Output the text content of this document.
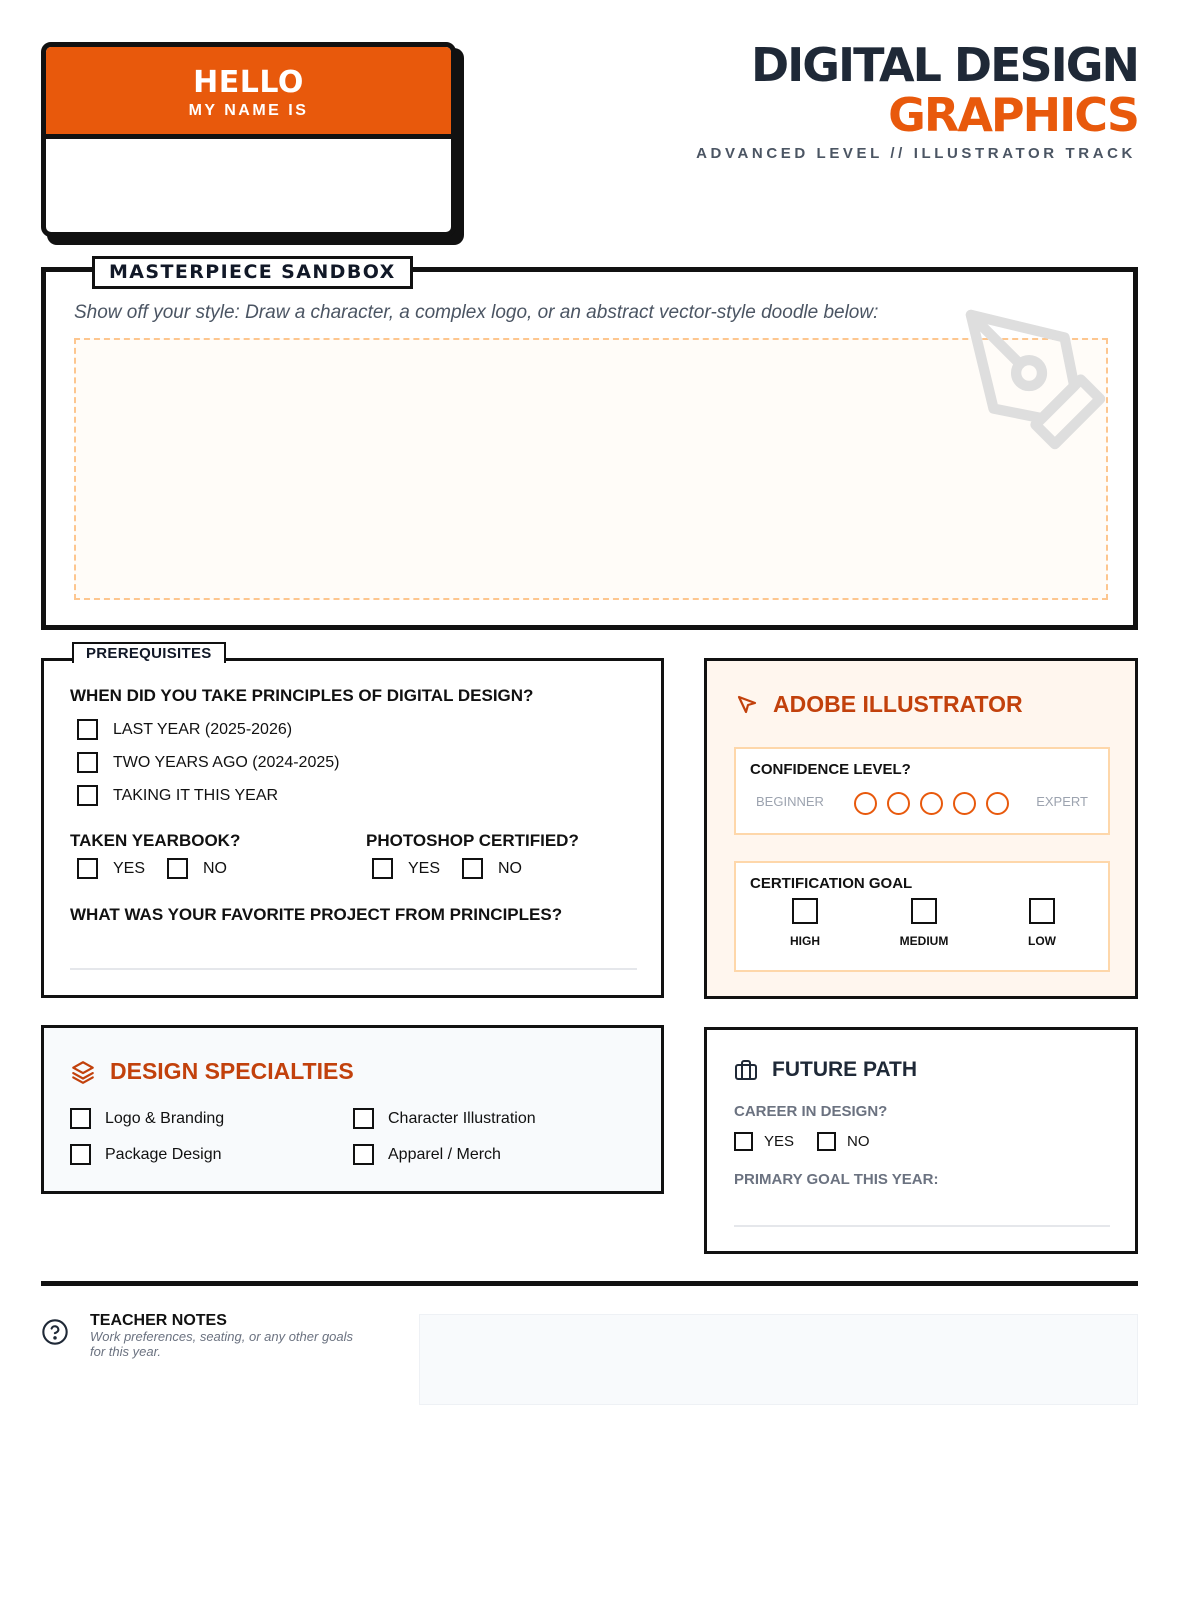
HELLO
MY NAME IS
DIGITAL DESIGN
GRAPHICS
ADVANCED LEVEL // ILLUSTRATOR TRACK
MASTERPIECE SANDBOX
Show off your style: Draw a character, a complex logo, or an abstract vector-style doodle below:
PREREQUISITES
WHEN DID YOU TAKE PRINCIPLES OF DIGITAL DESIGN?
LAST YEAR (2025-2026)
TWO YEARS AGO (2024-2025)
TAKING IT THIS YEAR
TAKEN YEARBOOK?
YES	NO
PHOTOSHOP CERTIFIED?
YES	NO
WHAT WAS YOUR FAVORITE PROJECT FROM PRINCIPLES?
ADOBE ILLUSTRATOR
CONFIDENCE LEVEL?
BEGINNER	EXPERT
CERTIFICATION GOAL
HIGH	MEDIUM	LOW
DESIGN SPECIALTIES
Logo & Branding	Character Illustration
Package Design	Apparel / Merch
FUTURE PATH
CAREER IN DESIGN?
YES	NO
PRIMARY GOAL THIS YEAR:
TEACHER NOTES
Work preferences, seating, or any other goals for this year.
